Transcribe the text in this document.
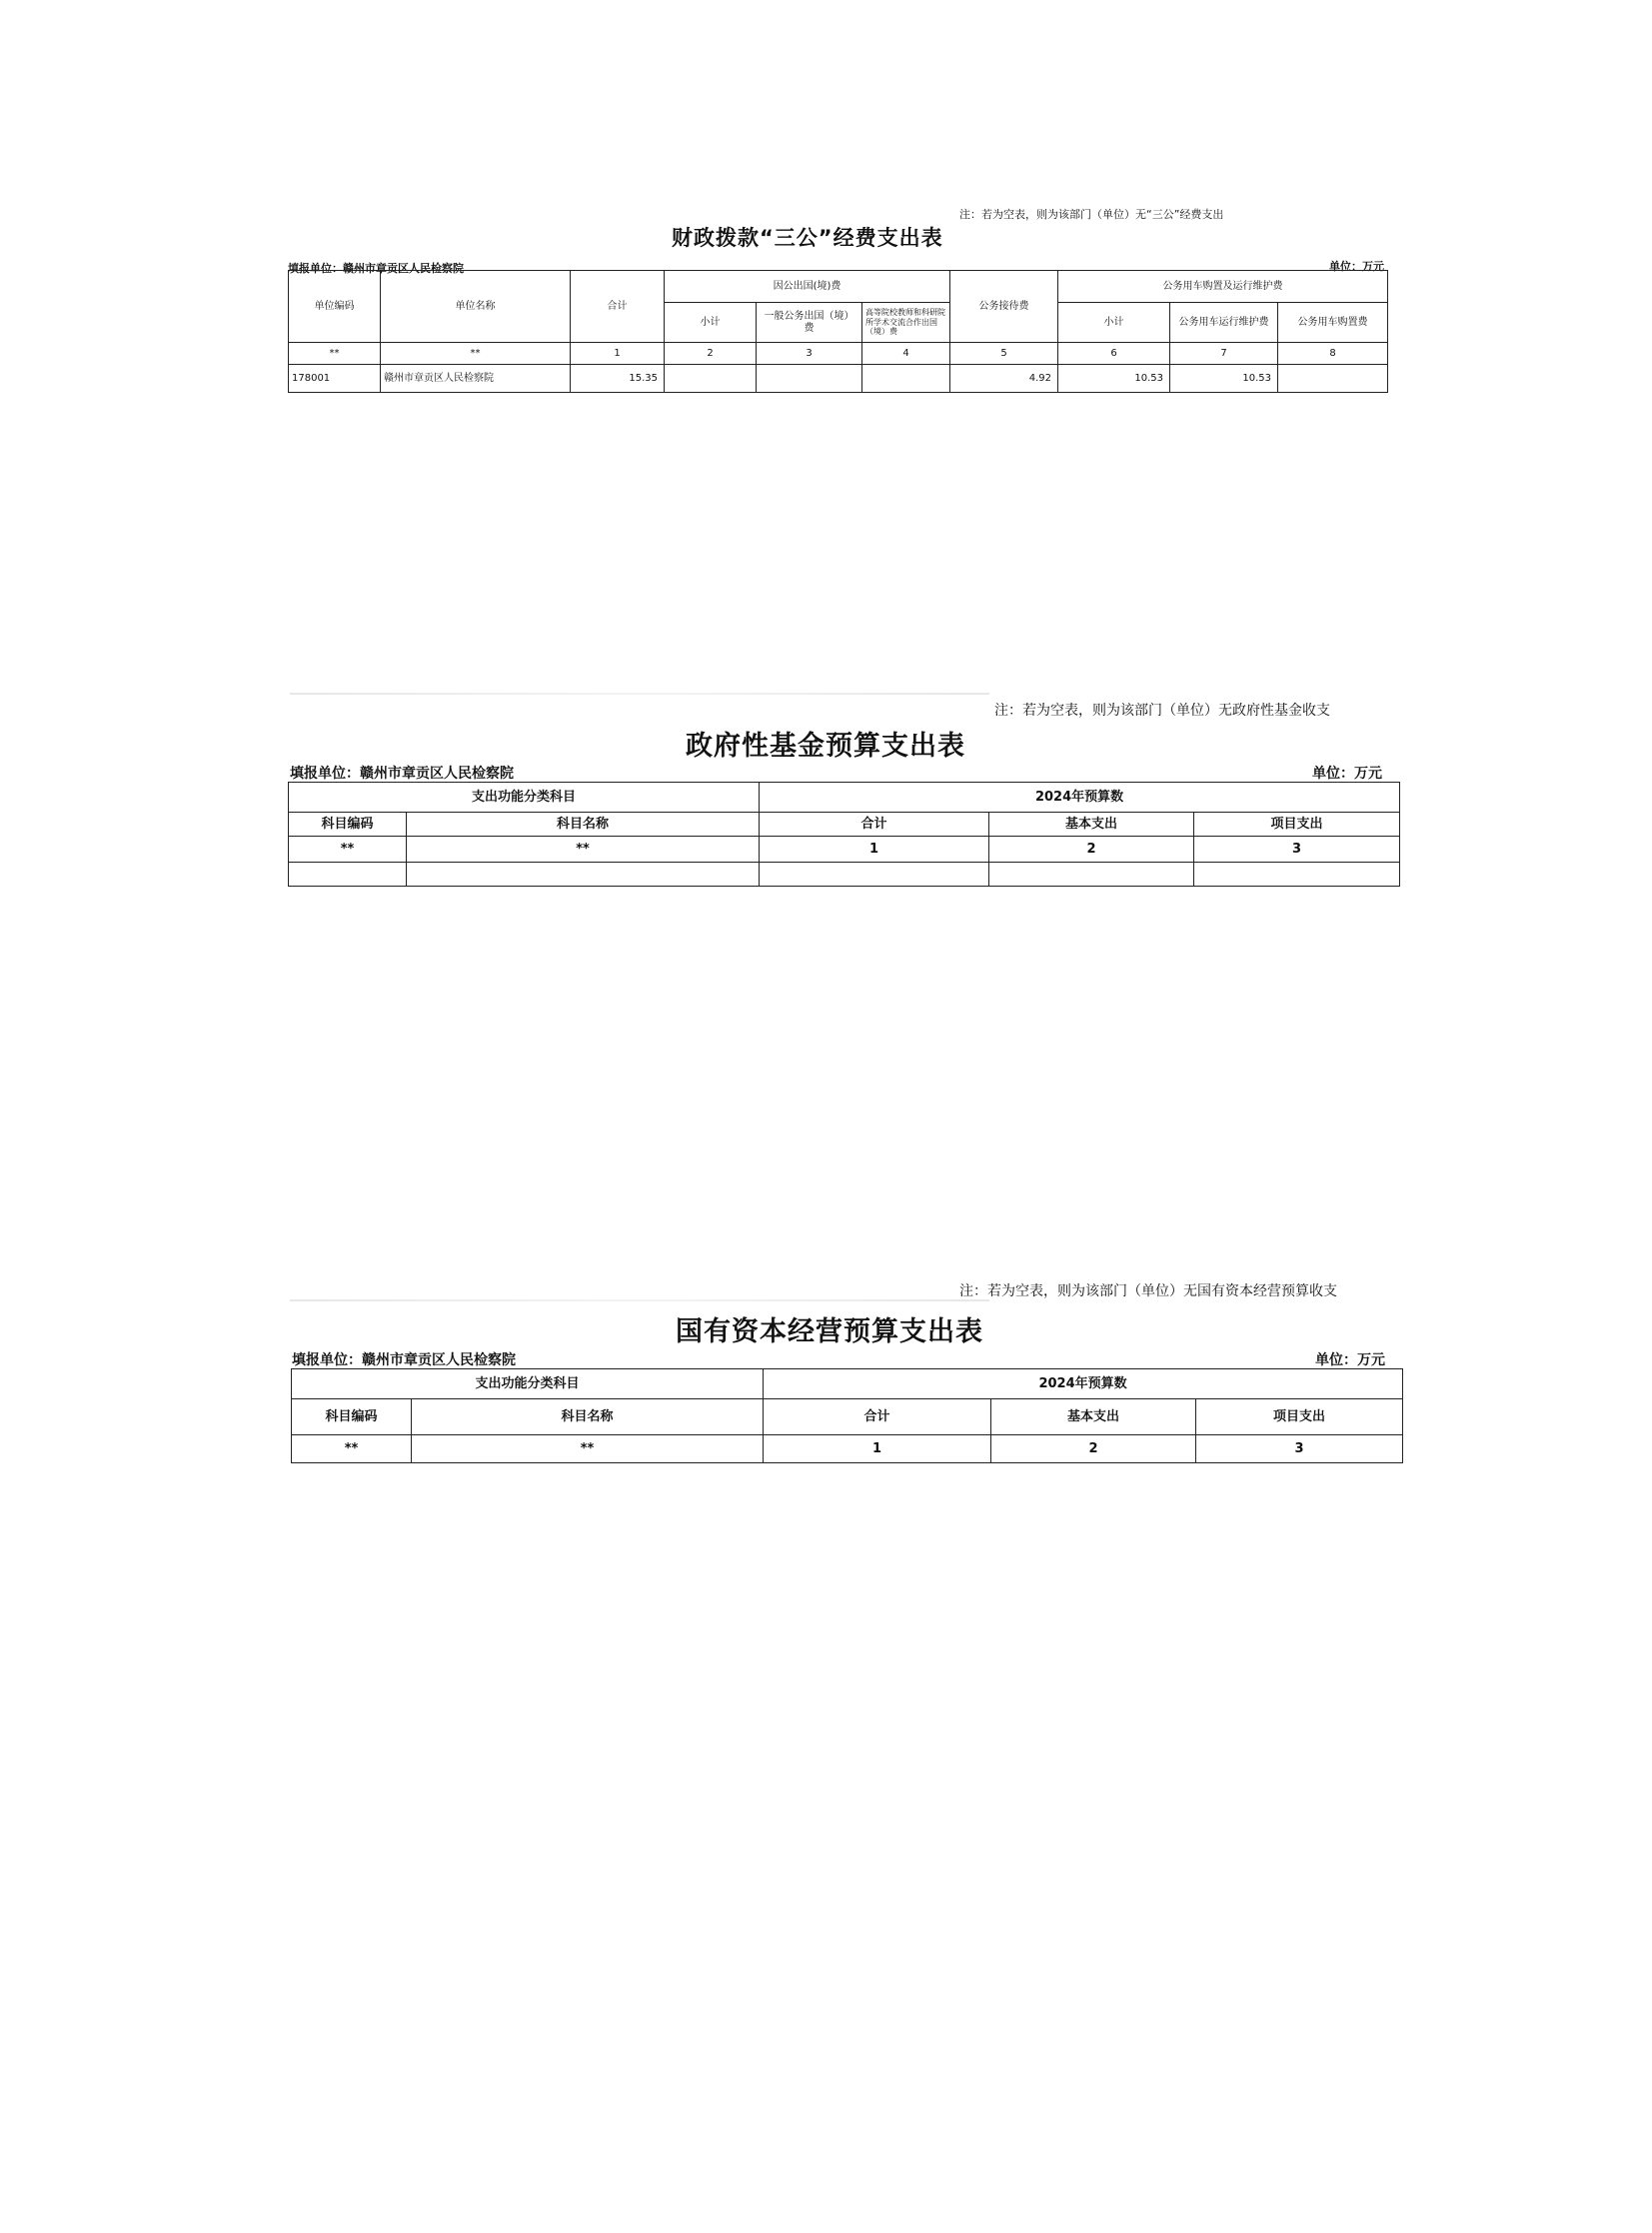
注：若为空表，则为该部门（单位）无“三公”经费支出
财政拨款“三公”经费支出表
填报单位：赣州市章贡区人民检察院	单位：万元
单位编码	单位名称	合计	因公出国(境)费			公务接待费	公务用车购置及运行维护费		
			小计	一般公务出国（境）费	高等院校教师和科研院所学术交流合作出国（境）费		小计	公务用车运行维护费	公务用车购置费
**	**	1	2	3	4	5	6	7	8
178001	赣州市章贡区人民检察院	15.35				4.92	10.53	10.53	
注：若为空表，则为该部门（单位）无政府性基金收支
政府性基金预算支出表
填报单位：赣州市章贡区人民检察院	单位：万元
支出功能分类科目		2024年预算数		
科目编码	科目名称	合计	基本支出	项目支出
**	**	1	2	3

注：若为空表，则为该部门（单位）无国有资本经营预算收支
国有资本经营预算支出表
填报单位：赣州市章贡区人民检察院	单位：万元
支出功能分类科目		2024年预算数		
科目编码	科目名称	合计	基本支出	项目支出
**	**	1	2	3
